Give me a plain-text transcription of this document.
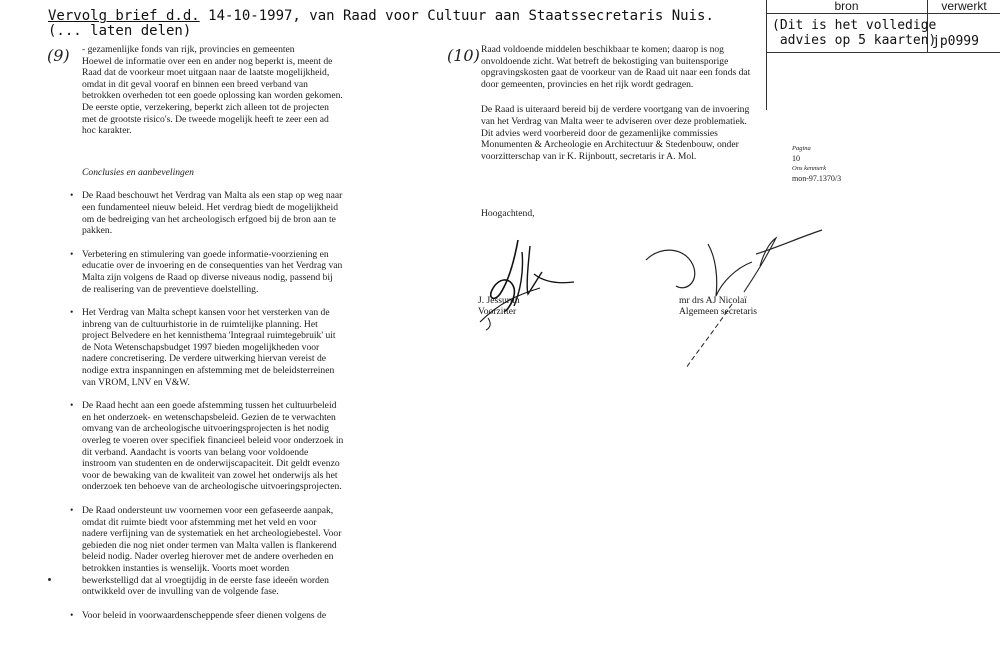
Vervolg brief d.d. 14-10-1997, van Raad voor Cultuur aan Staatssecretaris Nuis.
(... laten delen)
bron	verwerkt
(Dit is het volledige
advies op 5 kaarten)
jp0999
(9)	(10)

- gezamenlijke fonds van rijk, provincies en gemeenten

Hoewel de informatie over een en ander nog beperkt is, meent de Raad dat de voorkeur moet uitgaan naar de laatste mogelijkheid, omdat in dit geval vooraf en binnen een breed verband van betrokken overheden tot een goede oplossing kan worden gekomen. De eerste optie, verzekering, beperkt zich alleen tot de projecten met de grootste risico's. De tweede mogelijk heeft te zeer een ad hoc karakter.

Conclusies en aanbevelingen

• De Raad beschouwt het Verdrag van Malta als een stap op weg naar een fundamenteel nieuw beleid. Het verdrag biedt de mogelijkheid om de bedreiging van het archeologisch erfgoed bij de bron aan te pakken.

• Verbetering en stimulering van goede informatie-voorziening en educatie over de invoering en de consequenties van het Verdrag van Malta zijn volgens de Raad op diverse niveaus nodig, passend bij de realisering van de preventieve doelstelling.

• Het Verdrag van Malta schept kansen voor het versterken van de inbreng van de cultuurhistorie in de ruimtelijke planning. Het project Belvedere en het kennisthema 'Integraal ruimtegebruik' uit de Nota Wetenschapsbudget 1997 bieden mogelijkheden voor nadere concretisering. De verdere uitwerking hiervan vereist de nodige extra inspanningen en afstemming met de beleidsterreinen van VROM, LNV en V&W.

• De Raad hecht aan een goede afstemming tussen het cultuurbeleid en het onderzoek- en wetenschapsbeleid. Gezien de te verwachten omvang van de archeologische uitvoeringsprojecten is het nodig overleg te voeren over specifiek financieel beleid voor onderzoek in dit verband. Aandacht is voorts van belang voor voldoende instroom van studenten en de onderwijscapaciteit. Dit geldt evenzo voor de bewaking van de kwaliteit van zowel het onderwijs als het onderzoek ten behoeve van de archeologische uitvoeringsprojecten.

• De Raad ondersteunt uw voornemen voor een gefaseerde aanpak, omdat dit ruimte biedt voor afstemming met het veld en voor nadere verfijning van de systematiek en het archeologiebestel. Voor gebieden die nog niet onder termen van Malta vallen is flankerend beleid nodig. Nader overleg hierover met de andere overheden en betrokken instanties is wenselijk. Voorts moet worden bewerkstelligd dat al vroegtijdig in de eerste fase ideeën worden ontwikkeld over de invulling van de volgende fase.

• Voor beleid in voorwaardenscheppende sfeer dienen volgens de

Raad voldoende middelen beschikbaar te komen; daarop is nog onvoldoende zicht. Wat betreft de bekostiging van buitensporige opgravingskosten gaat de voorkeur van de Raad uit naar een fonds dat door gemeenten, provincies en het rijk wordt gedragen.

De Raad is uiteraard bereid bij de verdere voortgang van de invoering van het Verdrag van Malta weer te adviseren over deze problematiek. Dit advies werd voorbereid door de gezamenlijke commissies Monumenten & Archeologie en Architectuur & Stedenbouw, onder voorzitterschap van ir K. Rijnboutt, secretaris ir A. Mol.

Pagina
10
Ons kenmerk
mon-97.1370/3
Hoogachtend,
J. Jessurun
Voorzitter
mr drs AJ Nicolaï
Algemeen secretaris
